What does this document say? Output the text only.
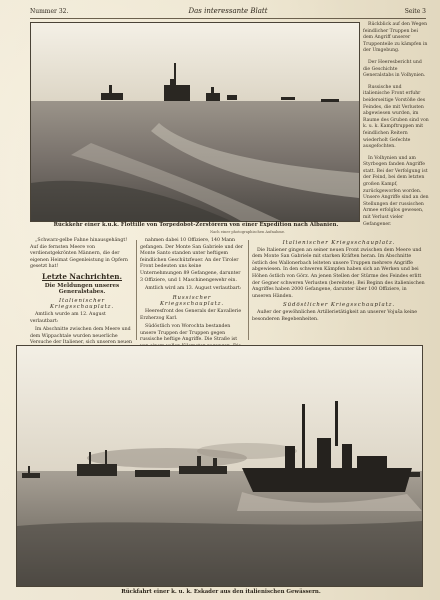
Nummer 32.	Das interessante Blatt	Seite 3
Rückkehr einer k.u.k. Flottille von Torpedobot-Zerstörern von einer Expedition nach Albanien.
Nach einer photographischen Aufnahme.

Rückblick auf den Wegen feindlicher Truppen bei dem Angriff unserer Truppenteile zu kämpfen in der Umgebung.

Der Heeresbericht und die Geschichte Generalstabs in Volhynien.

Russische und italienische Front erfuhr beiderseitige Vorstöße des Feindes, die mit Verlusten abgewiesen wurden, im Raume des Gruben sind von k. u. k. Kampftruppen mit feindlichen Reitern wiederholt Gefechte ausgefochten.

In Volhynien und am Styrbogen fanden Angriffe statt. Bei der Verfolgung ist der Feind, bei dem letzten großen Kampf, zurückgeworfen worden. Unsere Angriffe sind an den Stellungen der russischen Armee erfolglos gewesen, mit Verlust vieler Gefangener.

„Schwarz-gelbe Fahne hinausgehängt! Auf die fernsten Meere von verdienstgekrönten Männern, die der eigenen Heimat Gegenleistung in Opfern gesetzt hat!

Letzte Nachrichten.
Die Meldungen unseres Generalstabes.
Italienischer Kriegsschauplatz.

Amtlich wurde am 12. August verlautbart:

Im Abschnitte zwischen dem Meere und dem Wippachtale wurden neuerliche Versuche der Italiener, sich unseren neuen

nahmen dabei 10 Offiziere, 140 Mann gefangen. Der Monte San Gabriele und der Monte Santo standen unter heftigem feindlichen Geschützfeuer. An der Tiroler Front bedeuten uns keine Unternehmungen 89 Gefangene, darunter 3 Offiziere, und 1 Maschinengewehr ein.

Amtlich wird am 13. August verlautbart:

Russischer Kriegsschauplatz.

Heeresfront des Generals der Kavallerie Erzherzog Karl.

Südöstlich von Worochta bestanden unsere Truppen der Truppen gegen russische heftige Angriffe. Die Straße ist

Italienischer Kriegsschauplatz.

Die Italiener gingen an seiner neuen Front zwischen dem Meere und dem Monte San Gabriele mit starken Kräften heran. Im Abschnitte östlich des Wallonerbach leiteten unsere Truppen mehrere Angriffe abgewiesen. In den schweren Kämpfen haben sich an Werken und bei Höhen östlich von Görz. An jenen Stellen der Stürme des Feindes erlitt der Gegner schweren Verlusten (bereitete). Bei Beginn des italienischen Angriffes haben 2000 Gefangene, darunter über 100 Offiziere, in unseren Händen.

Südöstlicher Kriegsschauplatz.

Außer der gewöhnlichen Artillerietätigkeit an unserer Vojuša keine besonderen Begebenheiten.

Rückfahrt einer k. u. k. Eskader aus den italienischen Gewässern.
